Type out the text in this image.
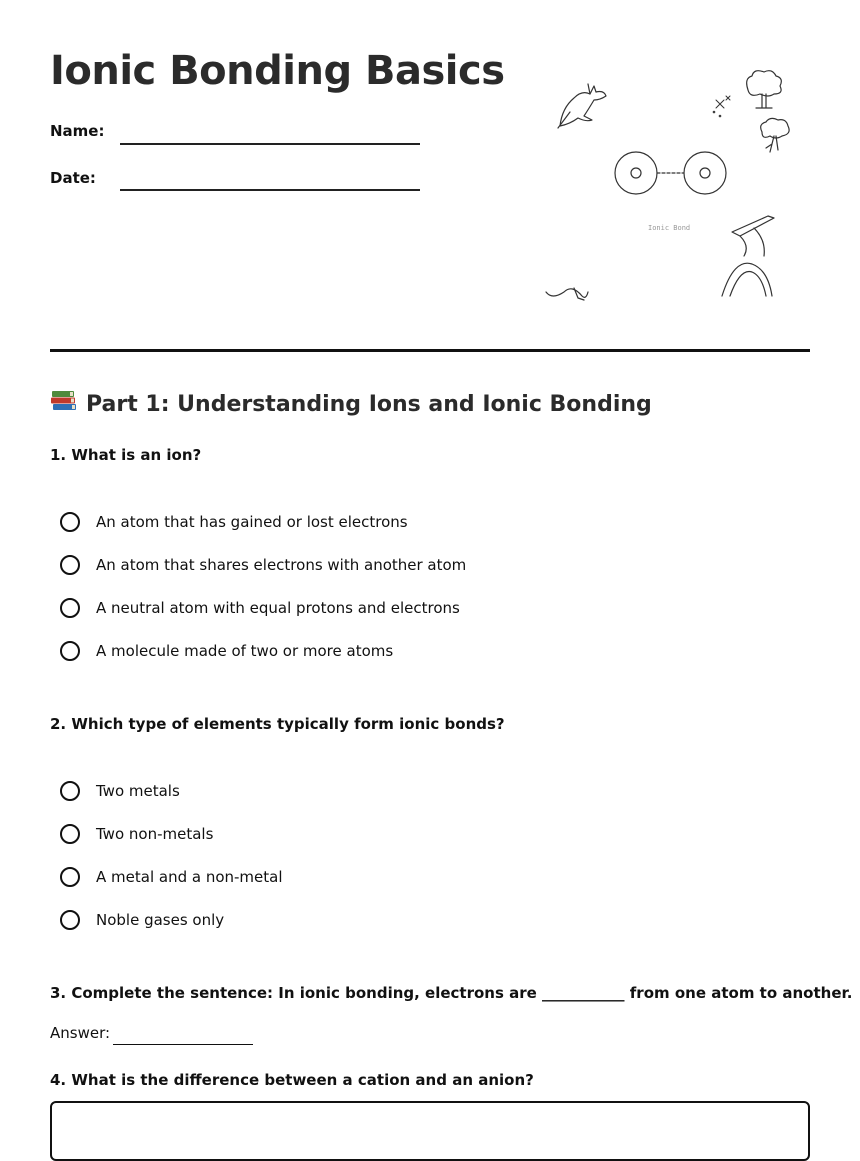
Ionic Bonding Basics
Name:
Date:
Ionic Bond
Part 1: Understanding Ions and Ionic Bonding

1. What is an ion?

An atom that has gained or lost electrons
An atom that shares electrons with another atom
A neutral atom with equal protons and electrons
A molecule made of two or more atoms

2. Which type of elements typically form ionic bonds?

Two metals
Two non-metals
A metal and a non-metal
Noble gases only

3. Complete the sentence: In ionic bonding, electrons are ___________ from one atom to another.

Answer:

4. What is the difference between a cation and an anion?
